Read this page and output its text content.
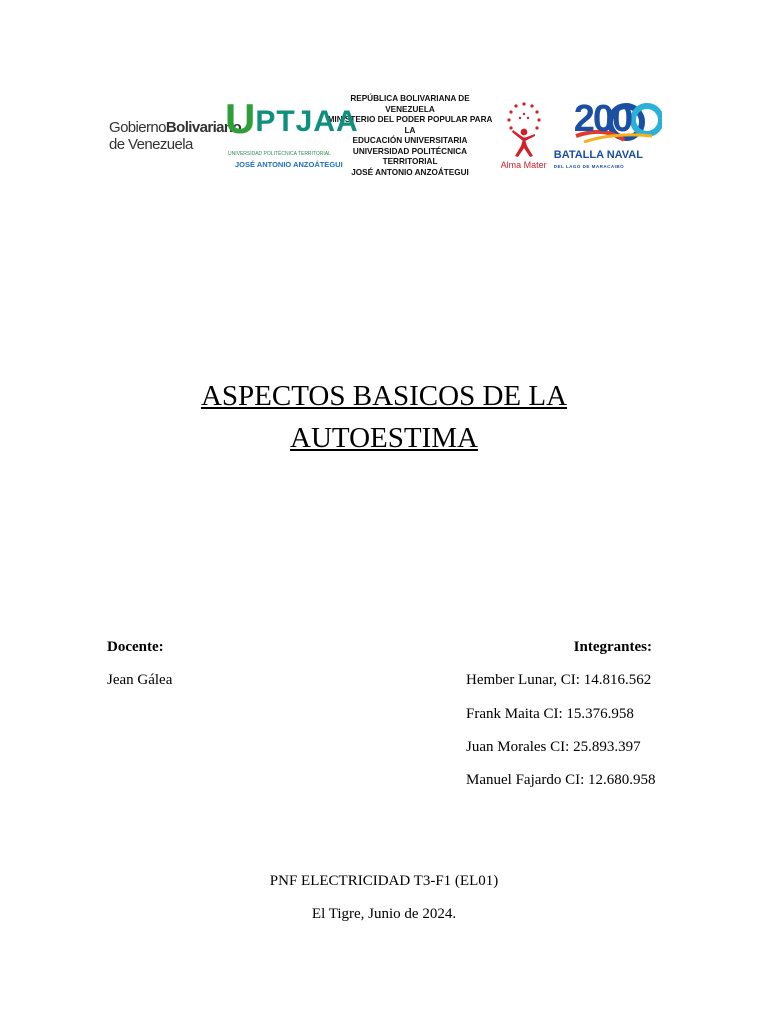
GobiernoBolivariano
de Venezuela
U PTJAA
UNIVERSIDAD POLITÉCNICA TERRITORIAL
JOSÉ ANTONIO ANZOÁTEGUI
REPÚBLICA BOLIVARIANA DE VENEZUELA
MINISTERIO DEL PODER POPULAR PARA LA
EDUCACIÓN UNIVERSITARIA
UNIVERSIDAD POLITÉCNICA TERRITORIAL
JOSÉ ANTONIO ANZOÁTEGUI
Alma Mater
200
BATALLA NAVAL
DEL LAGO DE MARACAIBO
ASPECTOS BASICOS DE LA
AUTOESTIMA
Docente:
Jean Gálea
Integrantes:
Hember Lunar, CI: 14.816.562
Frank Maita CI: 15.376.958
Juan Morales CI: 25.893.397
Manuel Fajardo CI: 12.680.958
PNF ELECTRICIDAD T3-F1 (EL01)
El Tigre, Junio de 2024.
